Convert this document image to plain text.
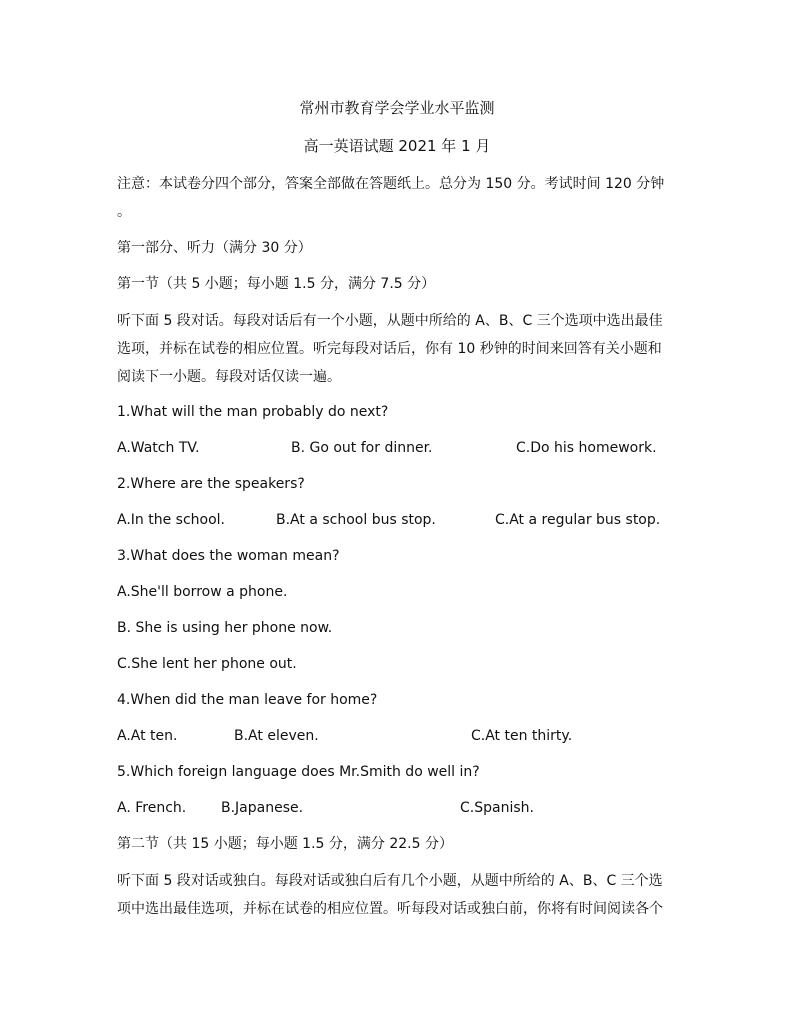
常州市教育学会学业水平监测
高一英语试题 2021 年 1 月
注意：本试卷分四个部分，答案全部做在答题纸上。总分为 150 分。考试时间 120 分钟
。
第一部分、听力（满分 30 分）
第一节（共 5 小题；每小题 1.5 分，满分 7.5 分）
听下面 5 段对话。每段对话后有一个小题，从题中所给的 A、B、C 三个选项中选出最佳
选项，并标在试卷的相应位置。听完每段对话后，你有 10 秒钟的时间来回答有关小题和
阅读下一小题。每段对话仅读一遍。
1.What will the man probably do next?
A.Watch TV.	B. Go out for dinner.	C.Do his homework.
2.Where are the speakers?
A.In the school.	B.At a school bus stop.	C.At a regular bus stop.
3.What does the woman mean?
A.She'll borrow a phone.
B. She is using her phone now.
C.She lent her phone out.
4.When did the man leave for home?
A.At ten.	B.At eleven.	C.At ten thirty.
5.Which foreign language does Mr.Smith do well in?
A. French. B.Japanese.	C.Spanish.
第二节（共 15 小题；每小题 1.5 分，满分 22.5 分）
听下面 5 段对话或独白。每段对话或独白后有几个小题，从题中所给的 A、B、C 三个选
项中选出最佳选项，并标在试卷的相应位置。听每段对话或独白前，你将有时间阅读各个
